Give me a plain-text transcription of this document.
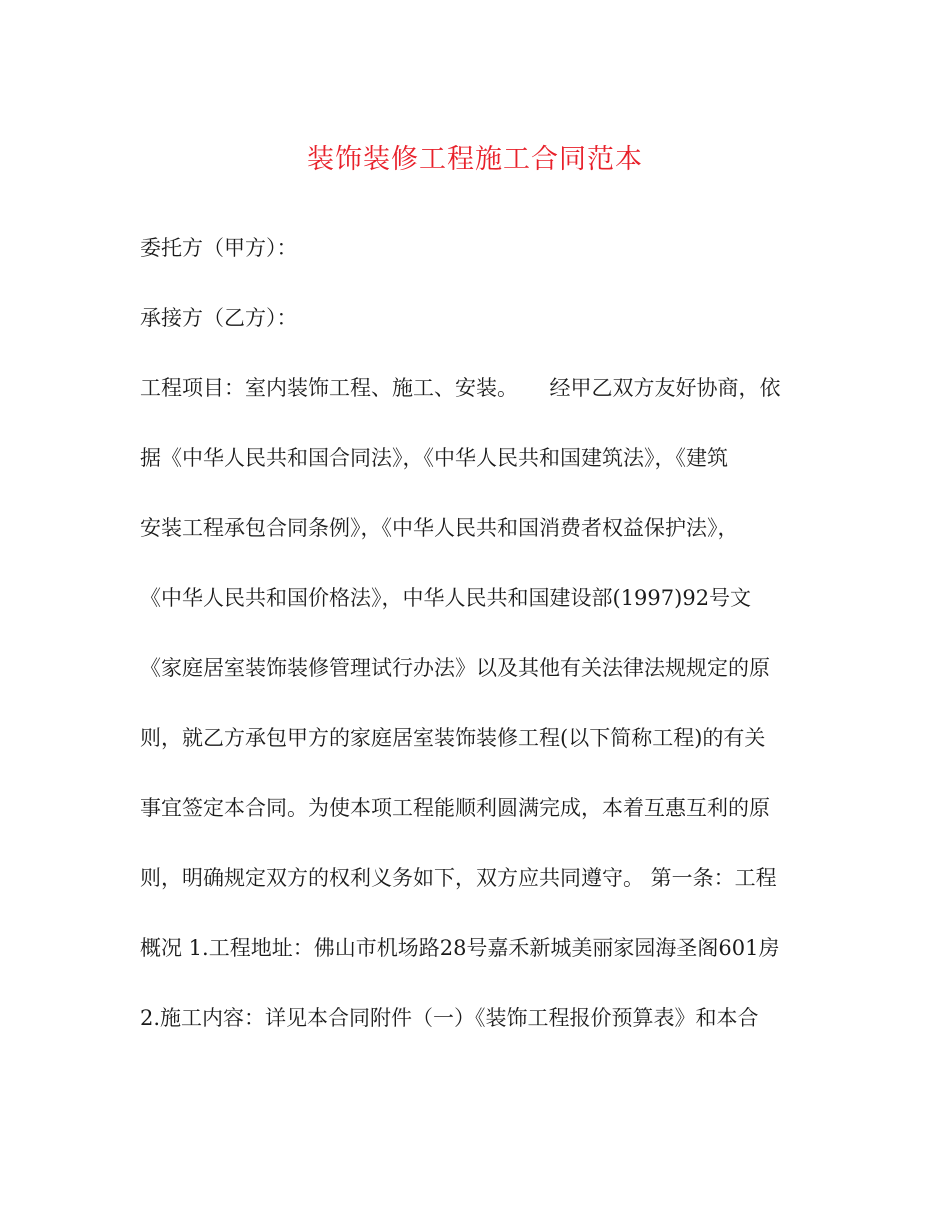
装饰装修工程施工合同范本
委托方（甲方）：
承接方（乙方）：
工程项目：室内装饰工程、施工、安装。　　经甲乙双方友好协商，依
据《中华人民共和国合同法》，《中华人民共和国建筑法》，《建筑
安装工程承包合同条例》，《中华人民共和国消费者权益保护法》，
《中华人民共和国价格法》，中华人民共和国建设部(1997)92号文
《家庭居室装饰装修管理试行办法》以及其他有关法律法规规定的原
则，就乙方承包甲方的家庭居室装饰装修工程(以下简称工程)的有关
事宜签定本合同。为使本项工程能顺利圆满完成，本着互惠互利的原
则，明确规定双方的权利义务如下，双方应共同遵守。 第一条：工程
概况 1.工程地址：佛山市机场路28号嘉禾新城美丽家园海圣阁601房
2.施工内容：详见本合同附件（一）《装饰工程报价预算表》和本合
